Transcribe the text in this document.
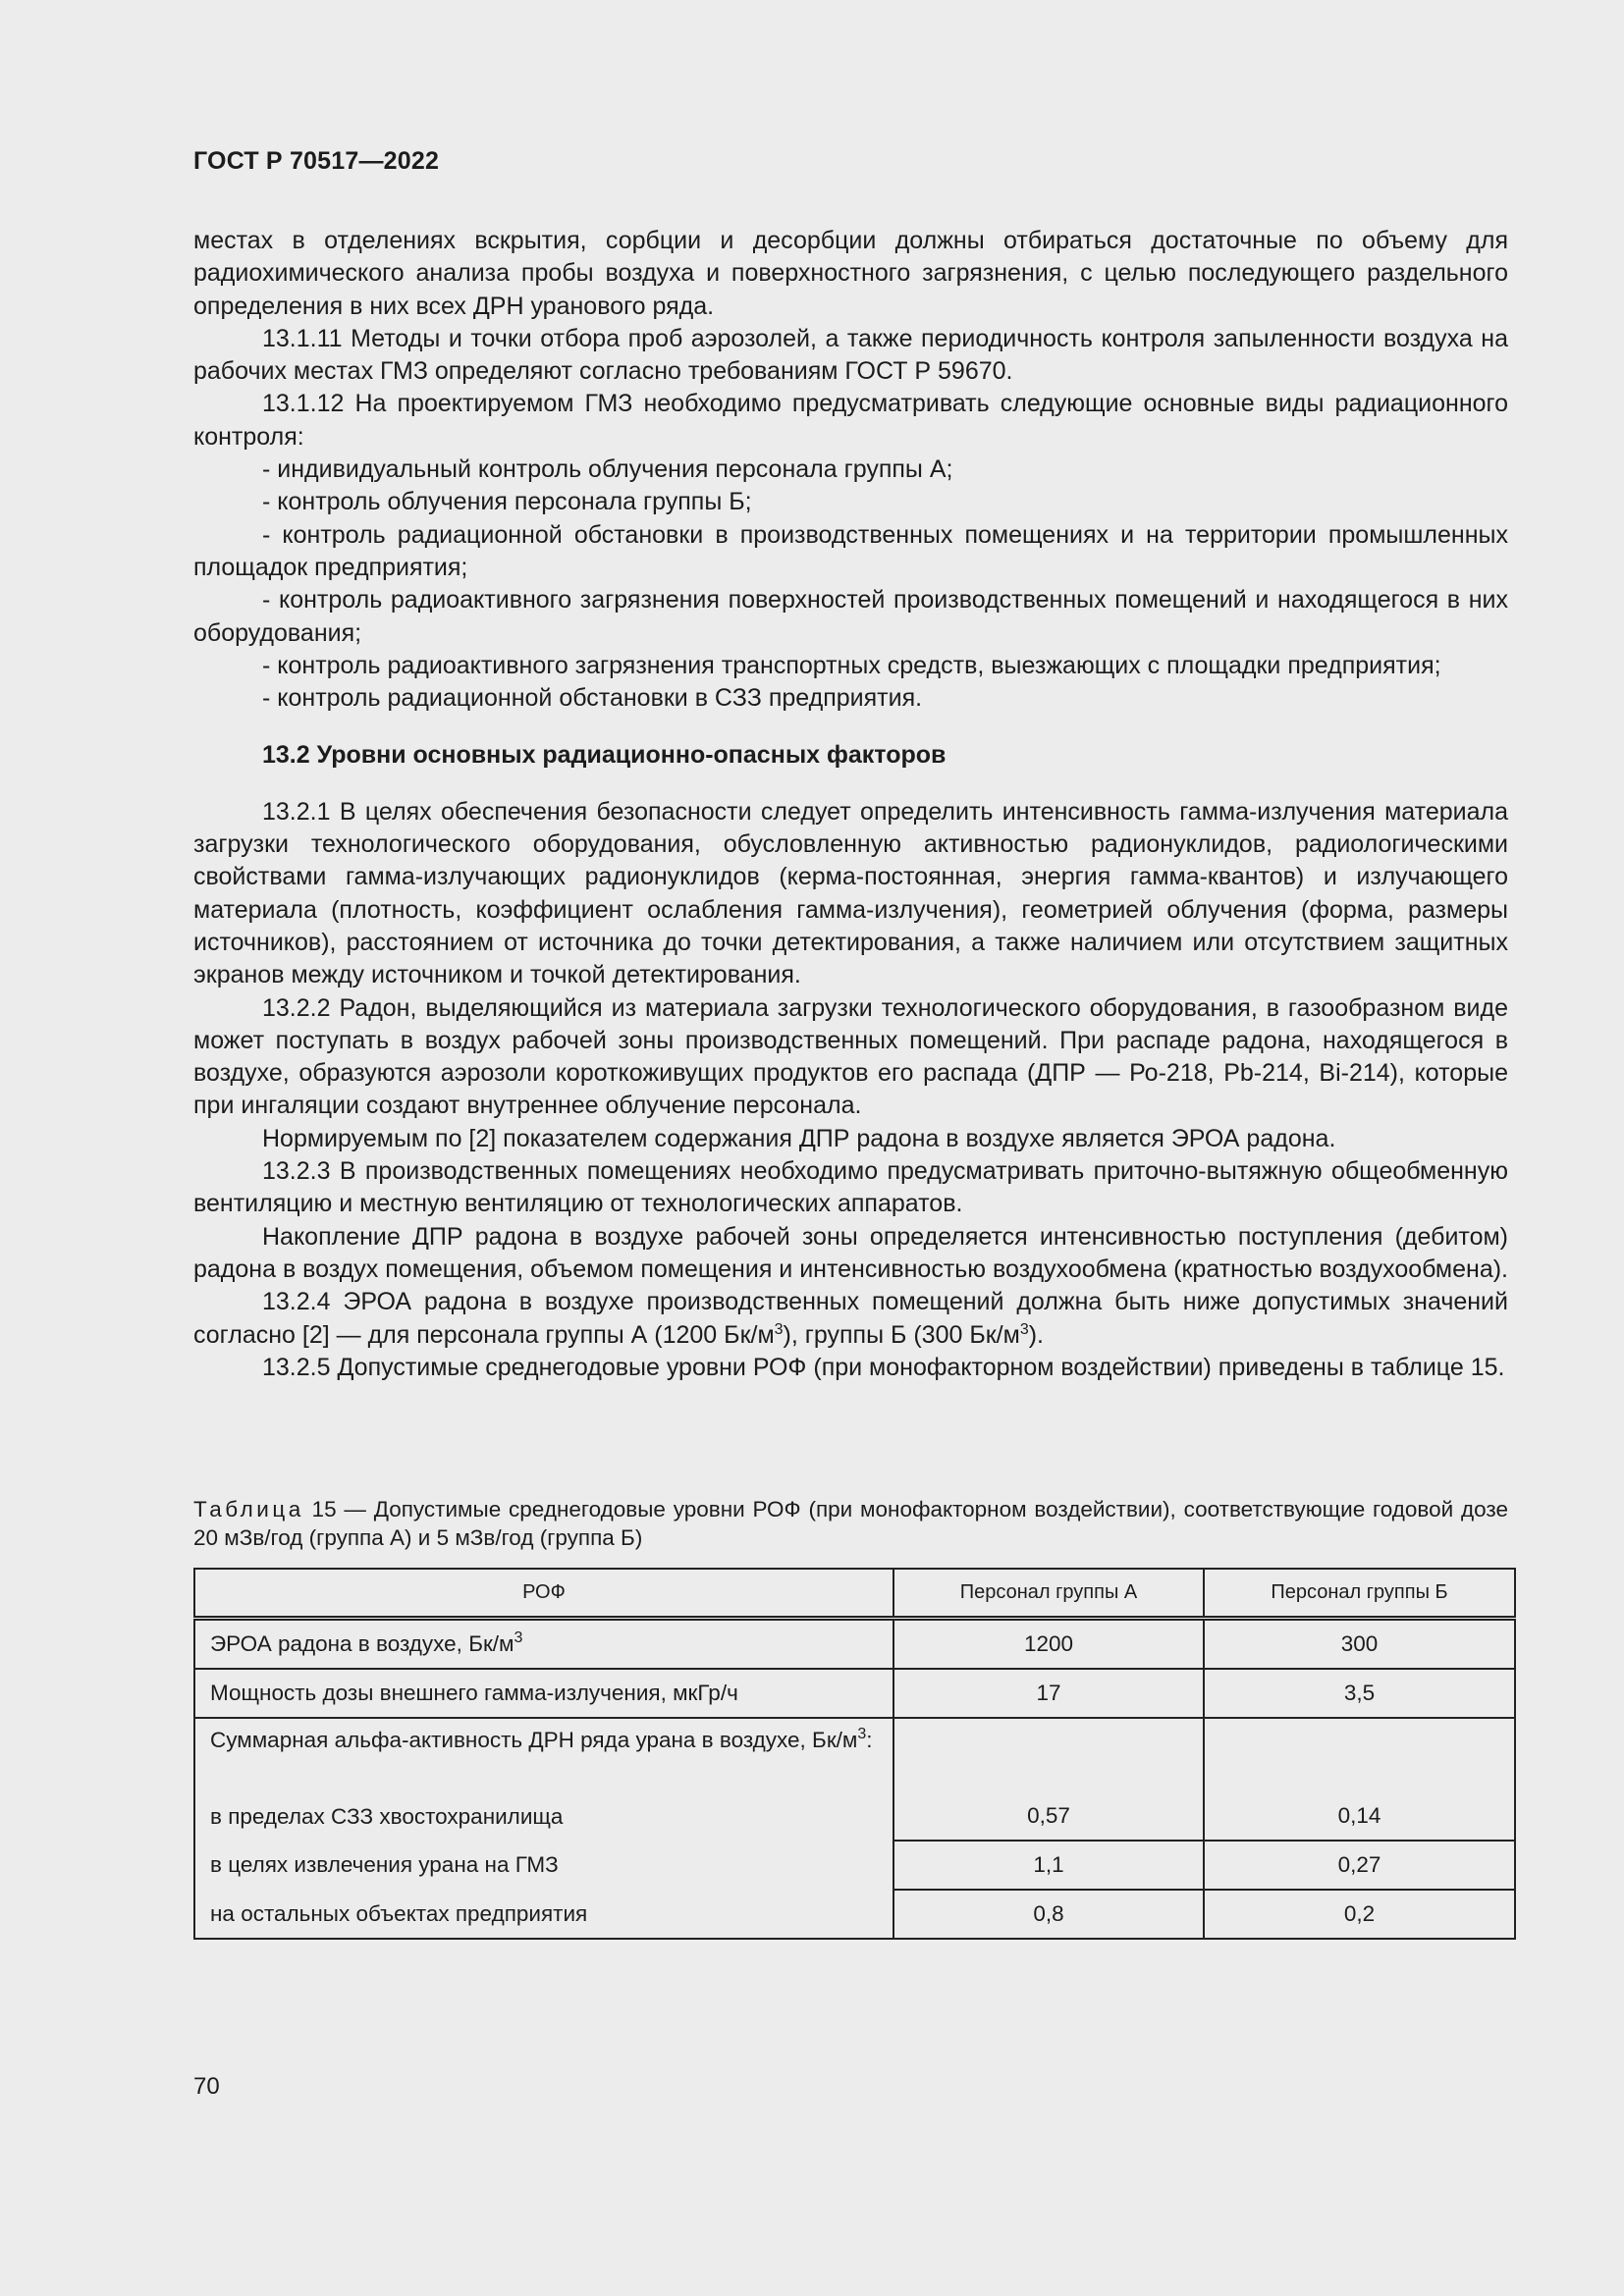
ГОСТ Р 70517—2022

местах в отделениях вскрытия, сорбции и десорбции должны отбираться достаточные по объему для радиохимического анализа пробы воздуха и поверхностного загрязнения, с целью последующего раздельного определения в них всех ДРН уранового ряда.

13.1.11 Методы и точки отбора проб аэрозолей, а также периодичность контроля запыленности воздуха на рабочих местах ГМЗ определяют согласно требованиям ГОСТ Р 59670.

13.1.12 На проектируемом ГМЗ необходимо предусматривать следующие основные виды радиационного контроля:

- индивидуальный контроль облучения персонала группы А;

- контроль облучения персонала группы Б;

- контроль радиационной обстановки в производственных помещениях и на территории промышленных площадок предприятия;

- контроль радиоактивного загрязнения поверхностей производственных помещений и находящегося в них оборудования;

- контроль радиоактивного загрязнения транспортных средств, выезжающих с площадки предприятия;

- контроль радиационной обстановки в СЗЗ предприятия.

13.2 Уровни основных радиационно-опасных факторов

13.2.1 В целях обеспечения безопасности следует определить интенсивность гамма-излучения материала загрузки технологического оборудования, обусловленную активностью радионуклидов, радиологическими свойствами гамма-излучающих радионуклидов (керма-постоянная, энергия гамма-квантов) и излучающего материала (плотность, коэффициент ослабления гамма-излучения), геометрией облучения (форма, размеры источников), расстоянием от источника до точки детектирования, а также наличием или отсутствием защитных экранов между источником и точкой детектирования.

13.2.2 Радон, выделяющийся из материала загрузки технологического оборудования, в газообразном виде может поступать в воздух рабочей зоны производственных помещений. При распаде радона, находящегося в воздухе, образуются аэрозоли короткоживущих продуктов его распада (ДПР — Ро-218, Pb-214, Bi-214), которые при ингаляции создают внутреннее облучение персонала.

Нормируемым по [2] показателем содержания ДПР радона в воздухе является ЭРОА радона.

13.2.3 В производственных помещениях необходимо предусматривать приточно-вытяжную общеобменную вентиляцию и местную вентиляцию от технологических аппаратов.

Накопление ДПР радона в воздухе рабочей зоны определяется интенсивностью поступления (дебитом) радона в воздух помещения, объемом помещения и интенсивностью воздухообмена (кратностью воздухообмена).

13.2.4 ЭРОА радона в воздухе производственных помещений должна быть ниже допустимых значений согласно [2] — для персонала группы А (1200 $Бк/м^3$), группы Б (300 $Бк/м^3$).

13.2.5 Допустимые среднегодовые уровни РОФ (при монофакторном воздействии) приведены в таблице 15.

Таблица 15 — Допустимые среднегодовые уровни РОФ (при монофакторном воздействии), соответствующие годовой дозе 20 мЗв/год (группа А) и 5 мЗв/год (группа Б)
РОФ	Персонал группы А	Персонал группы Б
ЭРОА радона в воздухе, $Бк/м^3$	1200	300
Мощность дозы внешнего гамма-излучения, мкГр/ч	17	3,5
Суммарная альфа-активность ДРН ряда урана в воздухе, $Бк/м^3$:		
в пределах СЗЗ хвостохранилища	0,57	0,14
в целях извлечения урана на ГМЗ	1,1	0,27
на остальных объектах предприятия	0,8	0,2
70
